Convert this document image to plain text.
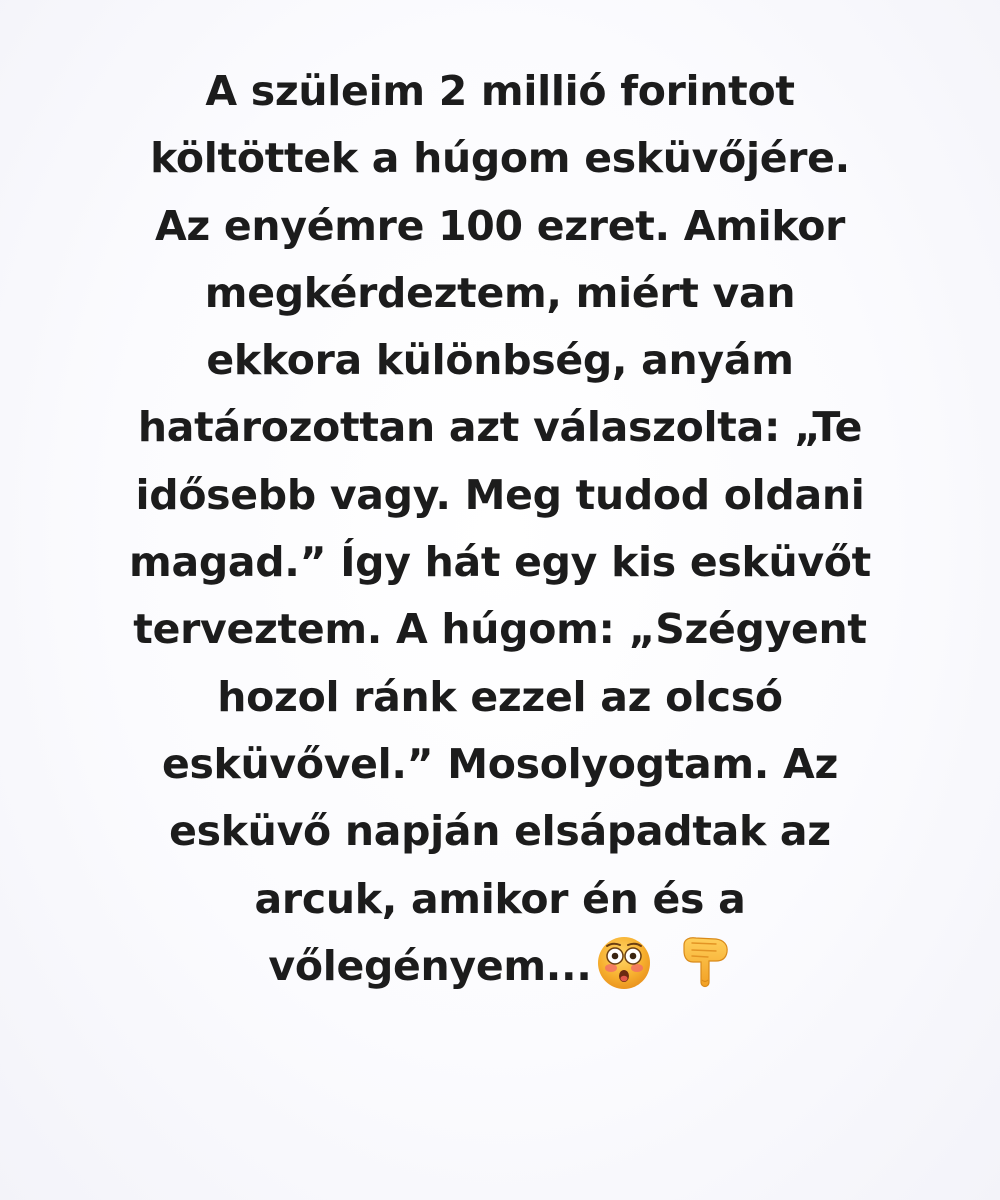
A szüleim 2 millió forintot
költöttek a húgom esküvőjére.
Az enyémre 100 ezret. Amikor
megkérdeztem, miért van
ekkora különbség, anyám
határozottan azt válaszolta: „Te
idősebb vagy. Meg tudod oldani
magad.” Így hát egy kis esküvőt
terveztem. A húgom: „Szégyent
hozol ránk ezzel az olcsó
esküvővel.” Mosolyogtam. Az
esküvő napján elsápadtak az
arcuk, amikor én és a
vőlegényem...
